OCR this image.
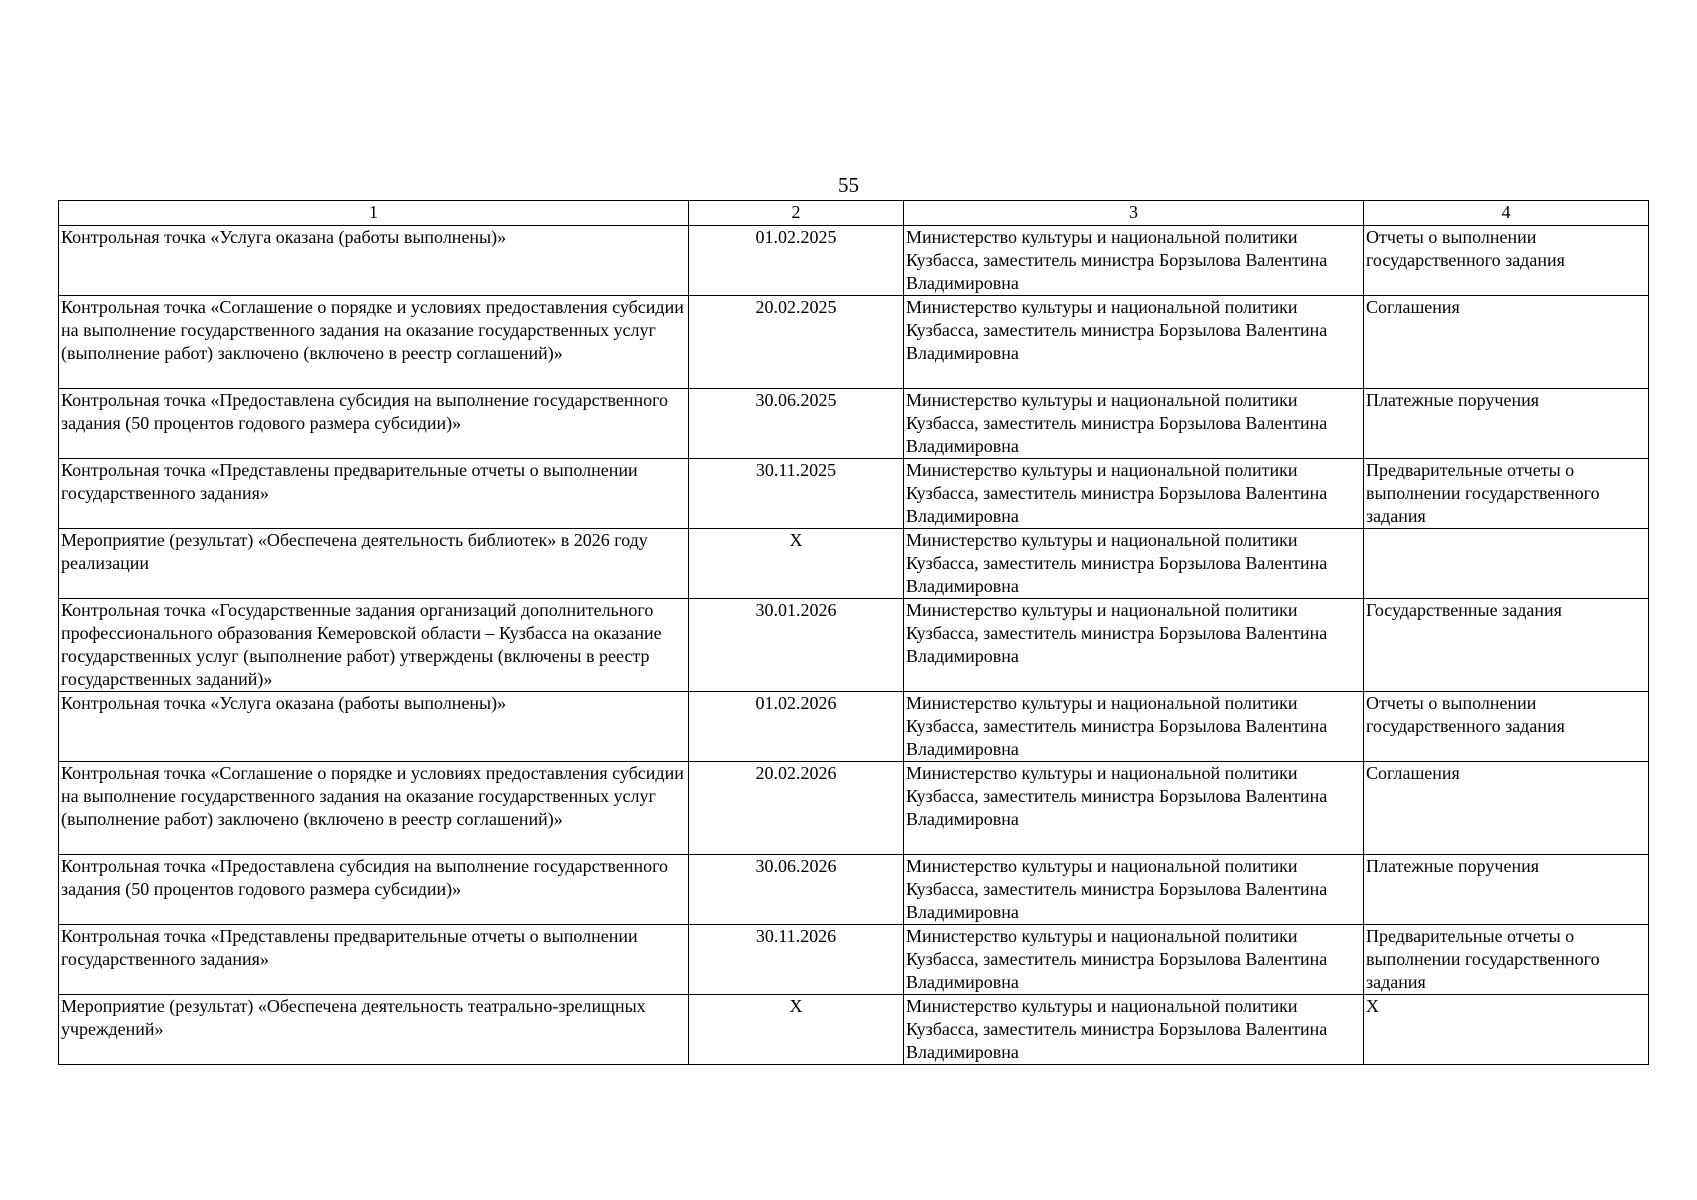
55
1	2	3	4
Контрольная точка «Услуга оказана (работы выполнены)»	01.02.2025	Министерство культуры и национальной политики Кузбасса, заместитель министра Борзылова Валентина Владимировна	Отчеты о выполнении государственного задания
Контрольная точка «Соглашение о порядке и условиях предоставления субсидии на выполнение государственного задания на оказание государственных услуг (выполнение работ) заключено (включено в реестр соглашений)»	20.02.2025	Министерство культуры и национальной политики Кузбасса, заместитель министра Борзылова Валентина Владимировна	Соглашения
Контрольная точка «Предоставлена субсидия на выполнение государственного задания (50 процентов годового размера субсидии)»	30.06.2025	Министерство культуры и национальной политики Кузбасса, заместитель министра Борзылова Валентина Владимировна	Платежные поручения
Контрольная точка «Представлены предварительные отчеты о выполнении государственного задания»	30.11.2025	Министерство культуры и национальной политики Кузбасса, заместитель министра Борзылова Валентина Владимировна	Предварительные отчеты о выполнении государственного задания
Мероприятие (результат) «Обеспечена деятельность библиотек» в 2026 году реализации	Х	Министерство культуры и национальной политики Кузбасса, заместитель министра Борзылова Валентина Владимировна	
Контрольная точка «Государственные задания организаций дополнительного профессионального образования Кемеровской области – Кузбасса на оказание государственных услуг (выполнение работ) утверждены (включены в реестр государственных заданий)»	30.01.2026	Министерство культуры и национальной политики Кузбасса, заместитель министра Борзылова Валентина Владимировна	Государственные задания
Контрольная точка «Услуга оказана (работы выполнены)»	01.02.2026	Министерство культуры и национальной политики Кузбасса, заместитель министра Борзылова Валентина Владимировна	Отчеты о выполнении государственного задания
Контрольная точка «Соглашение о порядке и условиях предоставления субсидии на выполнение государственного задания на оказание государственных услуг (выполнение работ) заключено (включено в реестр соглашений)»	20.02.2026	Министерство культуры и национальной политики Кузбасса, заместитель министра Борзылова Валентина Владимировна	Соглашения
Контрольная точка «Предоставлена субсидия на выполнение государственного задания (50 процентов годового размера субсидии)»	30.06.2026	Министерство культуры и национальной политики Кузбасса, заместитель министра Борзылова Валентина Владимировна	Платежные поручения
Контрольная точка «Представлены предварительные отчеты о выполнении государственного задания»	30.11.2026	Министерство культуры и национальной политики Кузбасса, заместитель министра Борзылова Валентина Владимировна	Предварительные отчеты о выполнении государственного задания
Мероприятие (результат) «Обеспечена деятельность театрально-зрелищных учреждений»	Х	Министерство культуры и национальной политики Кузбасса, заместитель министра Борзылова Валентина Владимировна	Х
